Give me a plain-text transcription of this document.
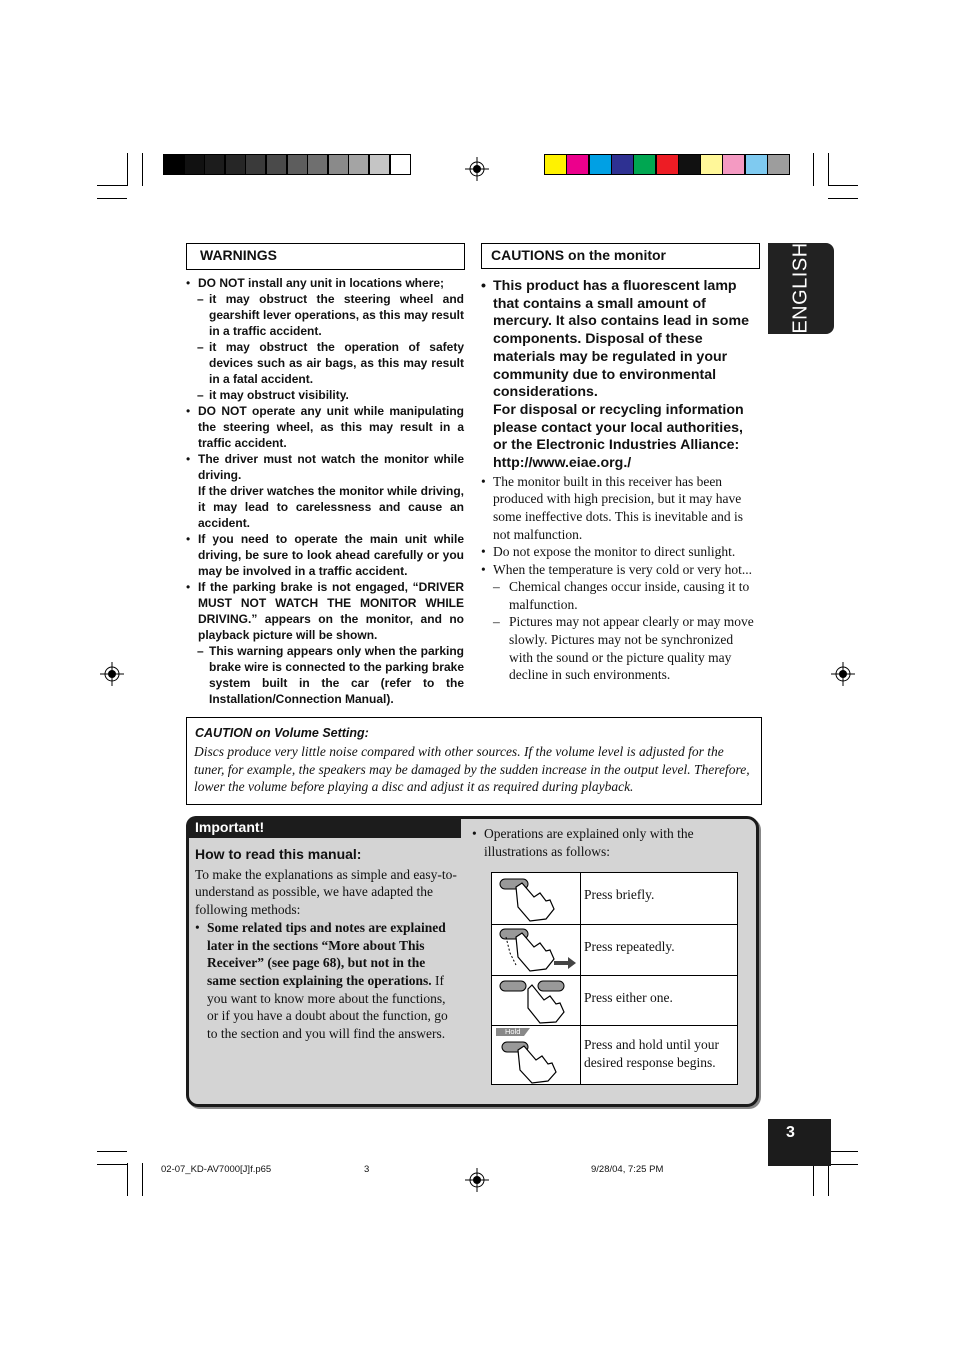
ENGLISH
WARNINGS
• DO NOT install any unit in locations where;
– it may obstruct the steering wheel and gearshift lever operations, as this may result in a traffic accident.
– it may obstruct the operation of safety devices such as air bags, as this may result in a fatal accident.
– it may obstruct visibility.
• DO NOT operate any unit while manipulating the steering wheel, as this may result in a traffic accident.
• The driver must not watch the monitor while driving.
If the driver watches the monitor while driving, it may lead to carelessness and cause an accident.
• If you need to operate the main unit while driving, be sure to look ahead carefully or you may be involved in a traffic accident.
• If the parking brake is not engaged, “DRIVER MUST NOT WATCH THE MONITOR WHILE DRIVING.” appears on the monitor, and no playback picture will be shown.
– This warning appears only when the parking brake wire is connected to the parking brake system built in the car (refer to the Installation/Connection Manual).
CAUTIONS on the monitor
• This product has a fluorescent lamp that contains a small amount of mercury. It also contains lead in some components. Disposal of these materials may be regulated in your community due to environmental considerations.
For disposal or recycling information please contact your local authorities, or the Electronic Industries Alliance: http://www.eiae.org./
• The monitor built in this receiver has been produced with high precision, but it may have some ineffective dots. This is inevitable and is not malfunction.
• Do not expose the monitor to direct sunlight.
• When the temperature is very cold or very hot...
– Chemical changes occur inside, causing it to malfunction.
– Pictures may not appear clearly or may move slowly. Pictures may not be synchronized with the sound or the picture quality may decline in such environments.
CAUTION on Volume Setting:
Discs produce very little noise compared with other sources. If the volume level is adjusted for the tuner, for example, the speakers may be damaged by the sudden increase in the output level. Therefore, lower the volume before playing a disc and adjust it as required during playback.
Important!
How to read this manual:
To make the explanations as simple and easy-to-understand as possible, we have adapted the following methods:
• Some related tips and notes are explained later in the sections “More about This Receiver” (see page 68), but not in the same section explaining the operations. If you want to know more about the functions, or if you have a doubt about the function, go to the section and you will find the answers.
• Operations are explained only with the illustrations as follows:
Press briefly.
Press repeatedly.
Press either one.
Hold
Press and hold until your desired response begins.
3
02-07_KD-AV7000[J]f.p65	3	9/28/04, 7:25 PM
